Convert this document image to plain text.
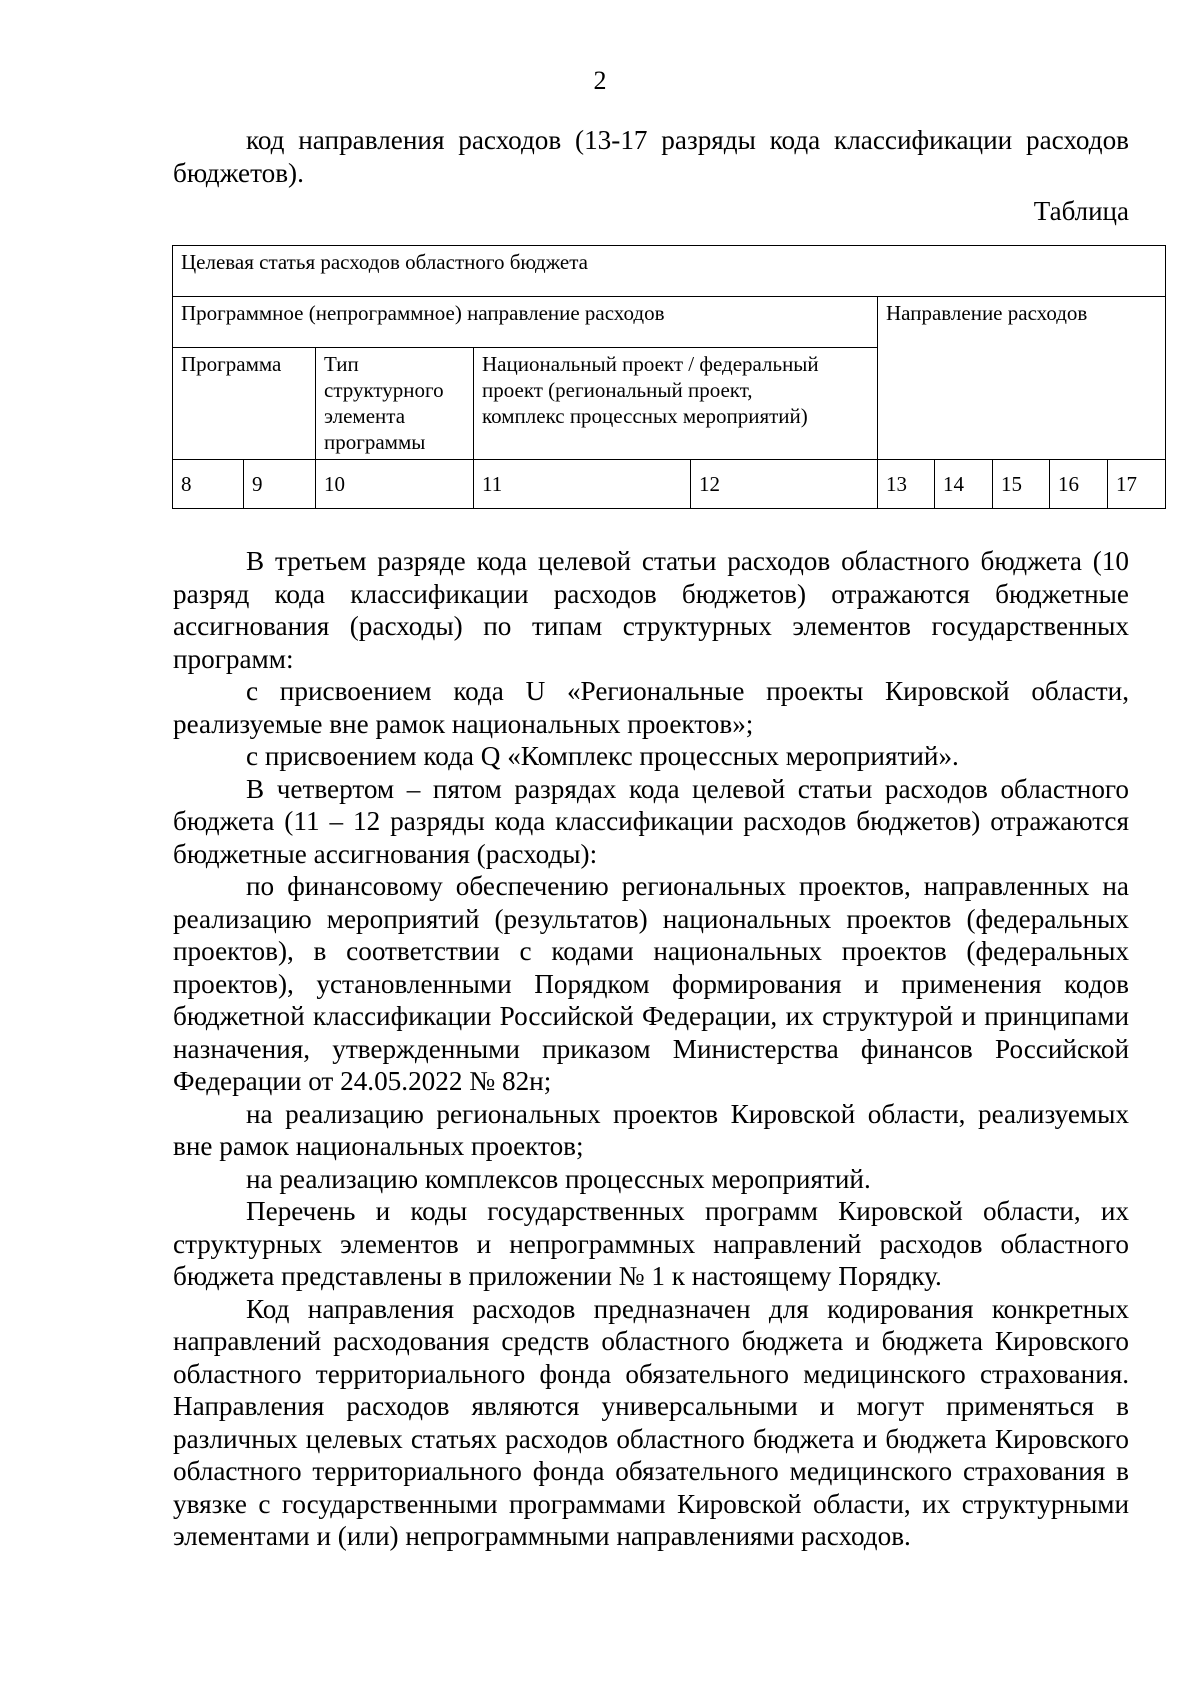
2

код направления расходов (13-17 разряды кода классификации расходов бюджетов).

Таблица
Целевая статья расходов областного бюджета									
Программное (непрограммное) направление расходов					Направление расходов				
Программа		Тип структурного элемента программы	Национальный проект / федеральный проект (региональный проект, комплекс процессных мероприятий)						
8	9	10	11	12	13	14	15	16	17

В третьем разряде кода целевой статьи расходов областного бюджета (10 разряд кода классификации расходов бюджетов) отражаются бюджетные ассигнования (расходы) по типам структурных элементов государственных программ:

с присвоением кода U «Региональные проекты Кировской области, реализуемые вне рамок национальных проектов»;

с присвоением кода Q «Комплекс процессных мероприятий».

В четвертом – пятом разрядах кода целевой статьи расходов областного бюджета (11 – 12 разряды кода классификации расходов бюджетов) отражаются бюджетные ассигнования (расходы):

по финансовому обеспечению региональных проектов, направленных на реализацию мероприятий (результатов) национальных проектов (федеральных проектов), в соответствии с кодами национальных проектов (федеральных проектов), установленными Порядком формирования и применения кодов бюджетной классификации Российской Федерации, их структурой и принципами назначения, утвержденными приказом Министерства финансов Российской Федерации от 24.05.2022 № 82н;

на реализацию региональных проектов Кировской области, реализуемых вне рамок национальных проектов;

на реализацию комплексов процессных мероприятий.

Перечень и коды государственных программ Кировской области, их структурных элементов и непрограммных направлений расходов областного бюджета представлены в приложении № 1 к настоящему Порядку.

Код направления расходов предназначен для кодирования конкретных направлений расходования средств областного бюджета и бюджета Кировского областного территориального фонда обязательного медицинского страхования. Направления расходов являются универсальными и могут применяться в различных целевых статьях расходов областного бюджета и бюджета Кировского областного территориального фонда обязательного медицинского страхования в увязке с государственными программами Кировской области, их структурными элементами и (или) непрограммными направлениями расходов.
